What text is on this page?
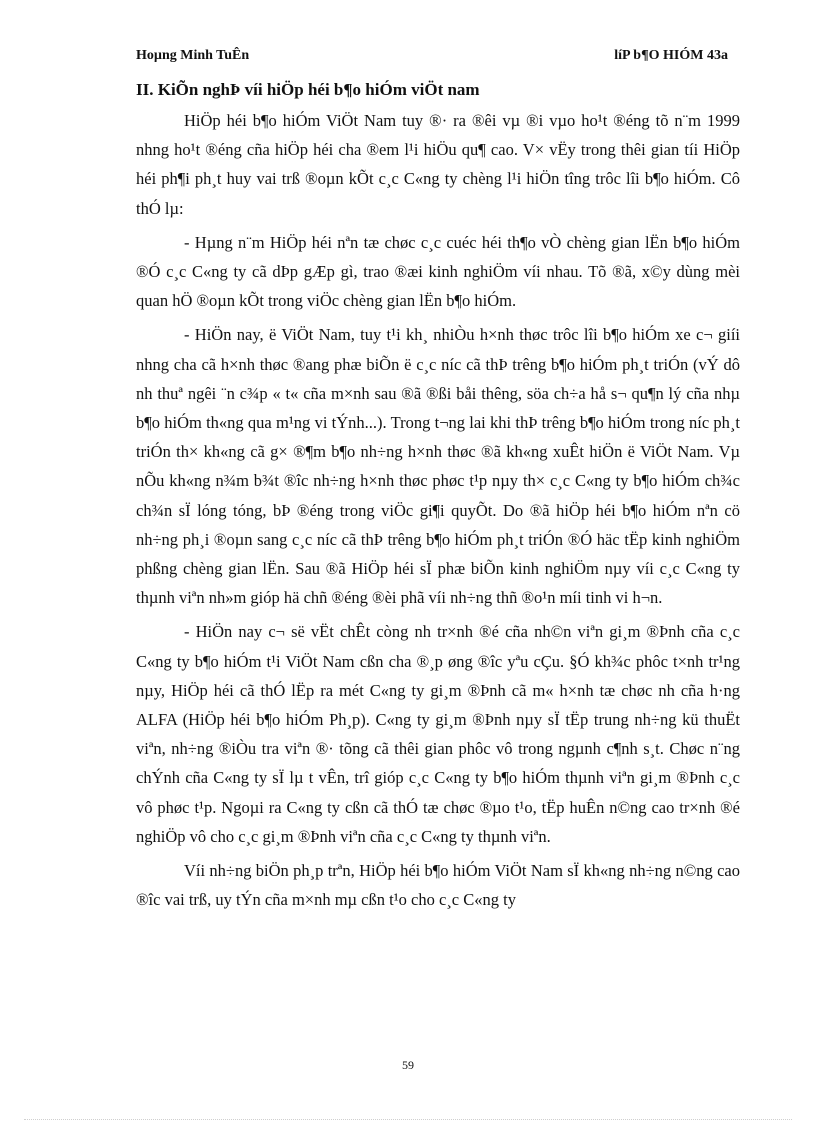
Hoµng Minh TuÊn	líP b¶O HIÓM 43a
II. KiÕn nghÞ víi hiÖp héi b¶o hiÓm viÖt nam

HiÖp héi b¶o hiÓm ViÖt Nam tuy ®· ra ®êi vµ ®i vµo ho¹t ®éng tõ n¨m 1999 nhng ho¹t ®éng cña hiÖp héi cha ®em l¹i hiÖu qu¶ cao. V× vËy trong thêi gian tíi HiÖp héi ph¶i ph¸t huy vai trß ®oµn kÕt c¸c C«ng ty chèng l¹i hiÖn tîng trôc lîi b¶o hiÓm. Cô thÓ lµ:

- Hµng n¨m HiÖp héi nªn tæ chøc c¸c cuéc héi th¶o vÒ chèng gian lËn b¶o hiÓm ®Ó c¸c C«ng ty cã dÞp gÆp gì, trao ®æi kinh nghiÖm víi nhau. Tõ ®ã, x©y dùng mèi quan hÖ ®oµn kÕt trong viÖc chèng gian lËn b¶o hiÓm.

- HiÖn nay, ë ViÖt Nam, tuy t¹i kh¸ nhiÒu h×nh thøc trôc lîi b¶o hiÓm xe c¬ giíi nhng cha cã h×nh thøc ®ang phæ biÕn ë c¸c níc cã thÞ trêng b¶o hiÓm ph¸t triÓn (vÝ dô nh thuª ngêi ¨n c¾p « t« cña m×nh sau ®ã ®ßi båi thêng, söa ch÷a hå s¬ qu¶n lý cña nhµ b¶o hiÓm th«ng qua m¹ng vi tÝnh...). Trong t¬ng lai khi thÞ trêng b¶o hiÓm trong níc ph¸t triÓn th× kh«ng cã g× ®¶m b¶o nh÷ng h×nh thøc ®ã kh«ng xuÊt hiÖn ë ViÖt Nam. Vµ nÕu kh«ng n¾m b¾t ®îc nh÷ng h×nh thøc phøc t¹p nµy th× c¸c C«ng ty b¶o hiÓm ch¾c ch¾n sÏ lóng tóng, bÞ ®éng trong viÖc gi¶i quyÕt. Do ®ã hiÖp héi b¶o hiÓm nªn cö nh÷ng ph¸i ®oµn sang c¸c níc cã thÞ trêng b¶o hiÓm ph¸t triÓn ®Ó häc tËp kinh nghiÖm phßng chèng gian lËn. Sau ®ã HiÖp héi sÏ phæ biÕn kinh nghiÖm nµy víi c¸c C«ng ty thµnh viªn nh»m gióp hä chñ ®éng ®èi phã víi nh÷ng thñ ®o¹n míi tinh vi h¬n.

- HiÖn nay c¬ së vËt chÊt còng nh tr×nh ®é cña nh©n viªn gi¸m ®Þnh cña c¸c C«ng ty b¶o hiÓm t¹i ViÖt Nam cßn cha ®¸p øng ®îc yªu cÇu. §Ó kh¾c phôc t×nh tr¹ng nµy, HiÖp héi cã thÓ lËp ra mét C«ng ty gi¸m ®Þnh cã m« h×nh tæ chøc nh cña h·ng ALFA (HiÖp héi b¶o hiÓm Ph¸p). C«ng ty gi¸m ®Þnh nµy sÏ tËp trung nh÷ng kü thuËt viªn, nh÷ng ®iÒu tra viªn ®· tõng cã thêi gian phôc vô trong ngµnh c¶nh s¸t. Chøc n¨ng chÝnh cña C«ng ty sÏ lµ t vÊn, trî gióp c¸c C«ng ty b¶o hiÓm thµnh viªn gi¸m ®Þnh c¸c vô phøc t¹p. Ngoµi ra C«ng ty cßn cã thÓ tæ chøc ®µo t¹o, tËp huÊn n©ng cao tr×nh ®é nghiÖp vô cho c¸c gi¸m ®Þnh viªn cña c¸c C«ng ty thµnh viªn.

Víi nh÷ng biÖn ph¸p trªn, HiÖp héi b¶o hiÓm ViÖt Nam sÏ kh«ng nh÷ng n©ng cao ®îc vai trß, uy tÝn cña m×nh mµ cßn t¹o cho c¸c C«ng ty

59
